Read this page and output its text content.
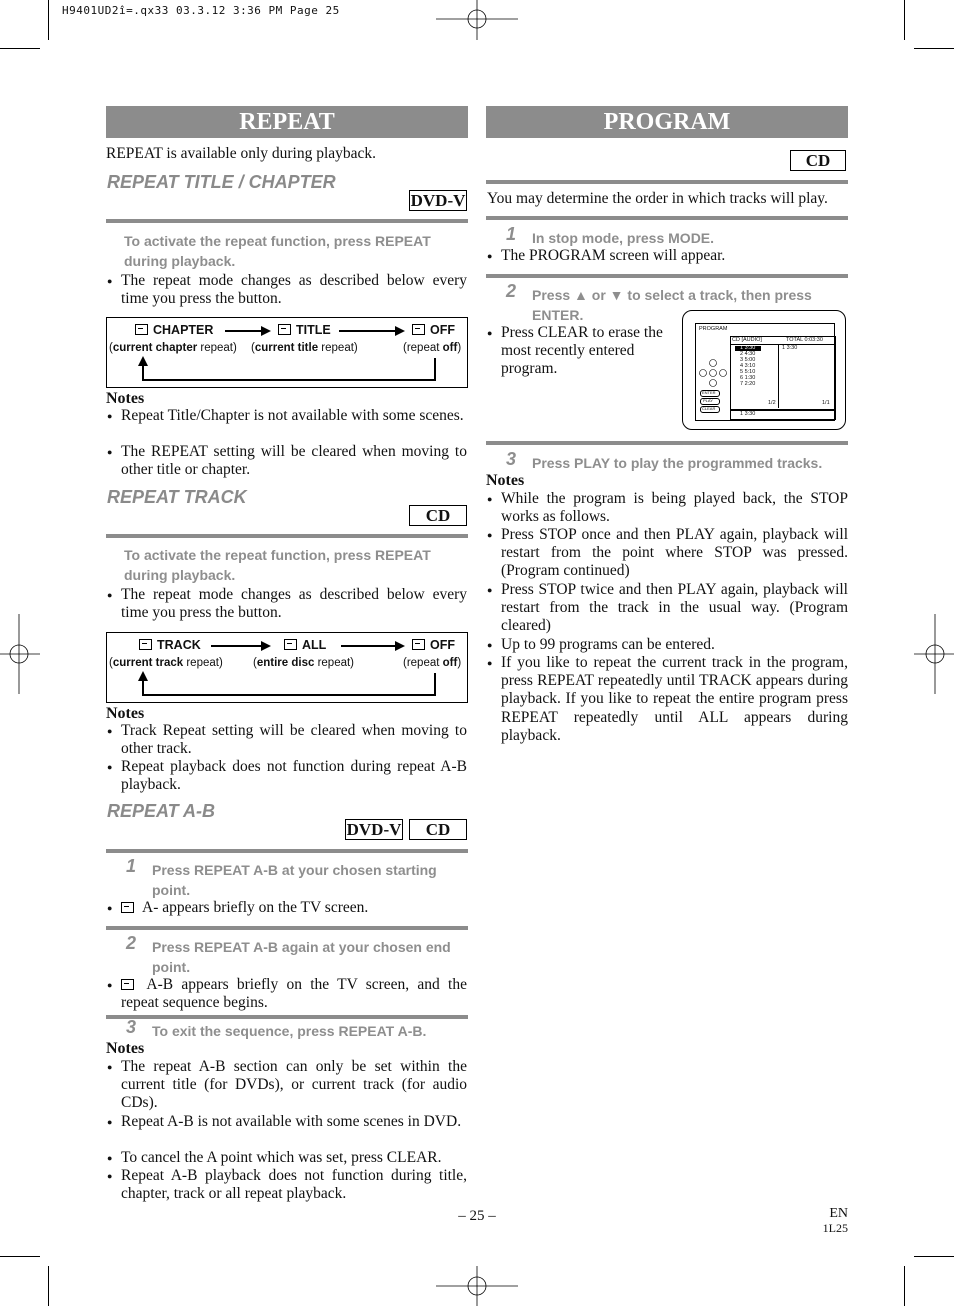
H9401UD2î=.qx33 03.3.12 3:36 PM Page 25
REPEAT
REPEAT is available only during playback.
REPEAT TITLE / CHAPTER
DVD-V
To activate the repeat function, press REPEAT during playback.
● The repeat mode changes as described below every time you press the button.
CHAPTER	TITLE	OFF
(current chapter repeat) (current title repeat)	(repeat off)
Notes
● Repeat Title/Chapter is not available with some scenes.
● The REPEAT setting will be cleared when moving to other title or chapter.
REPEAT TRACK
CD
To activate the repeat function, press REPEAT during playback.
● The repeat mode changes as described below every time you press the button.
TRACK	ALL	OFF
(current track repeat)	(entire disc repeat)	(repeat off)
Notes
● Track Repeat setting will be cleared when moving to other track.
● Repeat playback does not function during repeat A-B playback.
REPEAT A-B
DVD-V	CD
1 Press REPEAT A-B at your chosen starting point.
● A- appears briefly on the TV screen.
2 Press REPEAT A-B again at your chosen end point.
● A-B appears briefly on the TV screen, and the repeat sequence begins.
3 To exit the sequence, press REPEAT A-B.
Notes
● The repeat A-B section can only be set within the current title (for DVDs), or current track (for audio CDs).
● Repeat A-B is not available with some scenes in DVD.
● To cancel the A point which was set, press CLEAR.
● Repeat A-B playback does not function during title, chapter, track or all repeat playback.
PROGRAM
CD
You may determine the order in which tracks will play.
1 In stop mode, press MODE.
● The PROGRAM screen will appear.
2 Press ▲ or ▼ to select a track, then press ENTER.
● Press CLEAR to erase the most recently entered program.
PROGRAM
CD [AUDIO]	TOTAL 0:03:30
1 3:30
2 4:30
3 5:00
4 3:10
5 5:10
6 1:30
7 2:20
1 3:30
1/2	1/1
1 3:30
ENTER
PLAY
CLEAR
3 Press PLAY to play the programmed tracks.
Notes
● While the program is being played back, the STOP works as follows.
● Press STOP once and then PLAY again, playback will restart from the point where STOP was pressed. (Program continued)
● Press STOP twice and then PLAY again, playback will restart from the track in the usual way. (Program cleared)
● Up to 99 programs can be entered.
● If you like to repeat the current track in the program, press REPEAT repeatedly until TRACK appears during playback. If you like to repeat the entire program press REPEAT repeatedly until ALL appears during playback.
– 25 –	EN
1L25
